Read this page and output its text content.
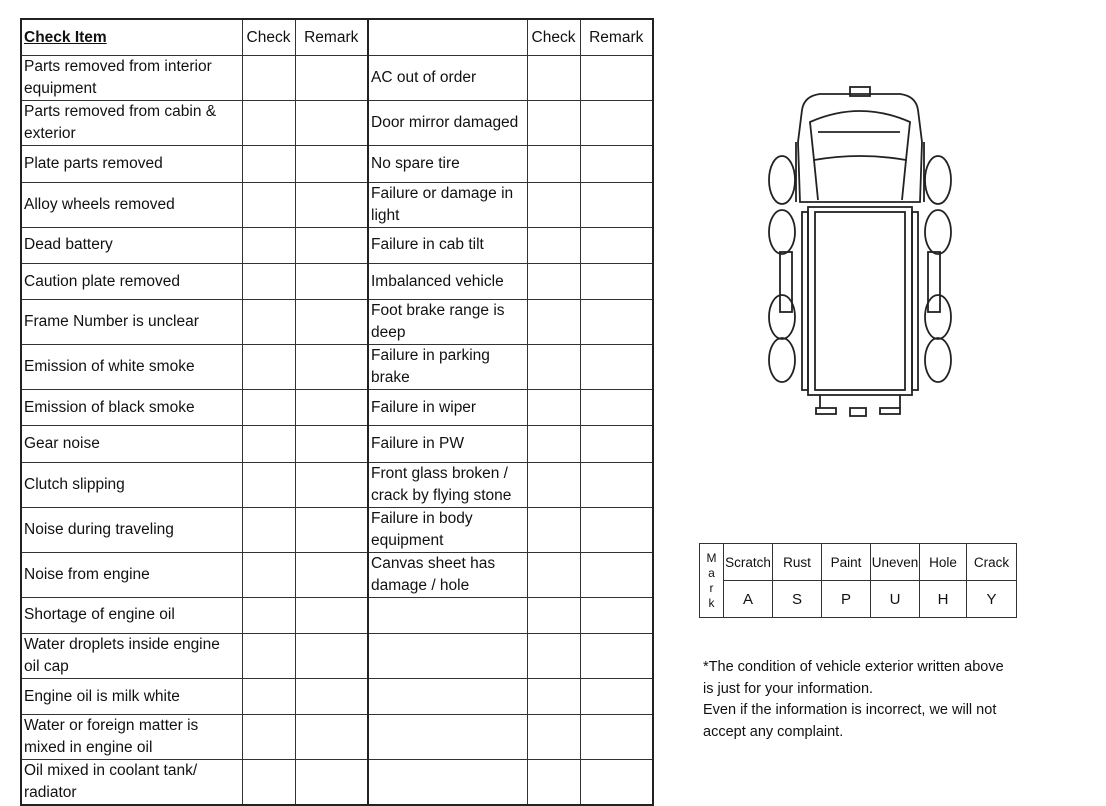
Check Item	Check	Remark		Check	Remark
Parts removed from interior equipment			AC out of order		
Parts removed from cabin & exterior			Door mirror damaged		
Plate parts removed			No spare tire		
Alloy wheels removed			Failure or damage in light		
Dead battery			Failure in cab tilt		
Caution plate removed			Imbalanced vehicle		
Frame Number is unclear			Foot brake range is deep		
Emission of white smoke			Failure in parking brake		
Emission of black smoke			Failure in wiper		
Gear noise			Failure in PW		
Clutch slipping			Front glass broken / crack by flying stone		
Noise during traveling			Failure in body equipment		
Noise from engine			Canvas sheet has damage / hole		
Shortage of engine oil					
Water droplets inside engine oil cap					
Engine oil is milk white					
Water or foreign matter is mixed in engine oil					
Oil mixed in coolant tank/ radiator					
M
a
r
k	Scratch	Rust	Paint	Uneven	Hole	Crack
	A	S	P	U	H	Y
*The condition of vehicle exterior written above
is just for your information.
Even if the information is incorrect, we will not
accept any complaint.
